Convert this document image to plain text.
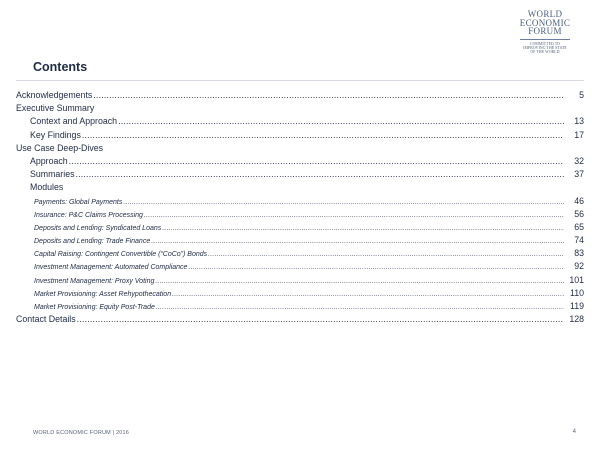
WORLD
ECONOMIC
FORUM
COMMITTED TO
IMPROVING THE STATE
OF THE WORLD
Contents
Acknowledgements .....	5
Executive Summary
Context and Approach .....	13
Key Findings .....	17
Use Case Deep-Dives
Approach .....	32
Summaries .....	37
Modules
Payments: Global Payments .....	46
Insurance: P&C Claims Processing .....	56
Deposits and Lending: Syndicated Loans .....	65
Deposits and Lending: Trade Finance .....	74
Capital Raising: Contingent Convertible (“CoCo”) Bonds .....	83
Investment Management: Automated Compliance .....	92
Investment Management: Proxy Voting .....	101
Market Provisioning: Asset Rehypothecation .....	110
Market Provisioning: Equity Post-Trade .....	119
Contact Details .....	128
WORLD ECONOMIC FORUM | 2016	4
